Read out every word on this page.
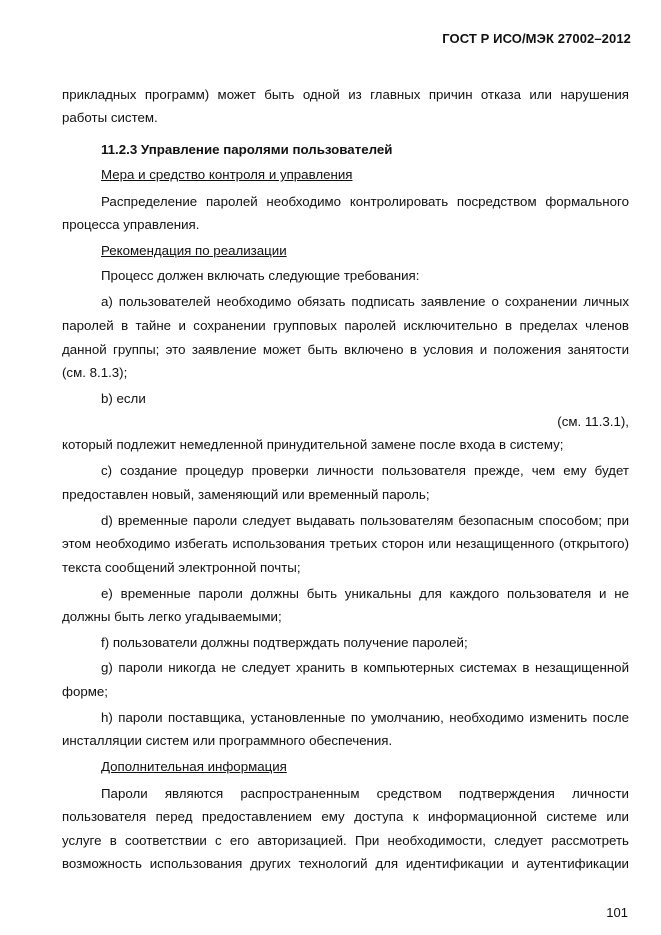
ГОСТ Р ИСО/МЭК 27002–2012
прикладных программ) может быть одной из главных причин отказа или нарушения
работы систем.
11.2.3 Управление паролями пользователей
Мера и средство контроля и управления
Распределение паролей необходимо контролировать посредством формального
процесса управления.
Рекомендация по реализации
Процесс должен включать следующие требования:
а) пользователей необходимо обязать подписать заявление о сохранении личных
паролей в тайне и сохранении групповых паролей исключительно в пределах членов
данной группы; это заявление может быть включено в условия и положения занятости
(см. 8.1.3);
b) если
(см. 11.3.1),
который подлежит немедленной принудительной замене после входа в систему;
с) создание процедур проверки личности пользователя прежде, чем ему будет
предоставлен новый, заменяющий или временный пароль;
d) временные пароли следует выдавать пользователям безопасным способом; при
этом необходимо избегать использования третьих сторон или незащищенного (открытого)
текста сообщений электронной почты;
е) временные пароли должны быть уникальны для каждого пользователя и не
должны быть легко угадываемыми;
f) пользователи должны подтверждать получение паролей;
g) пароли никогда не следует хранить в компьютерных системах в незащищенной
форме;
h) пароли поставщика, установленные по умолчанию, необходимо изменить после
инсталляции систем или программного обеспечения.
Дополнительная информация
Пароли являются распространенным средством подтверждения личности
пользователя перед предоставлением ему доступа к информационной системе или
услуге в соответствии с его авторизацией. При необходимости, следует рассмотреть
возможность использования других технологий для идентификации и аутентификации
101
